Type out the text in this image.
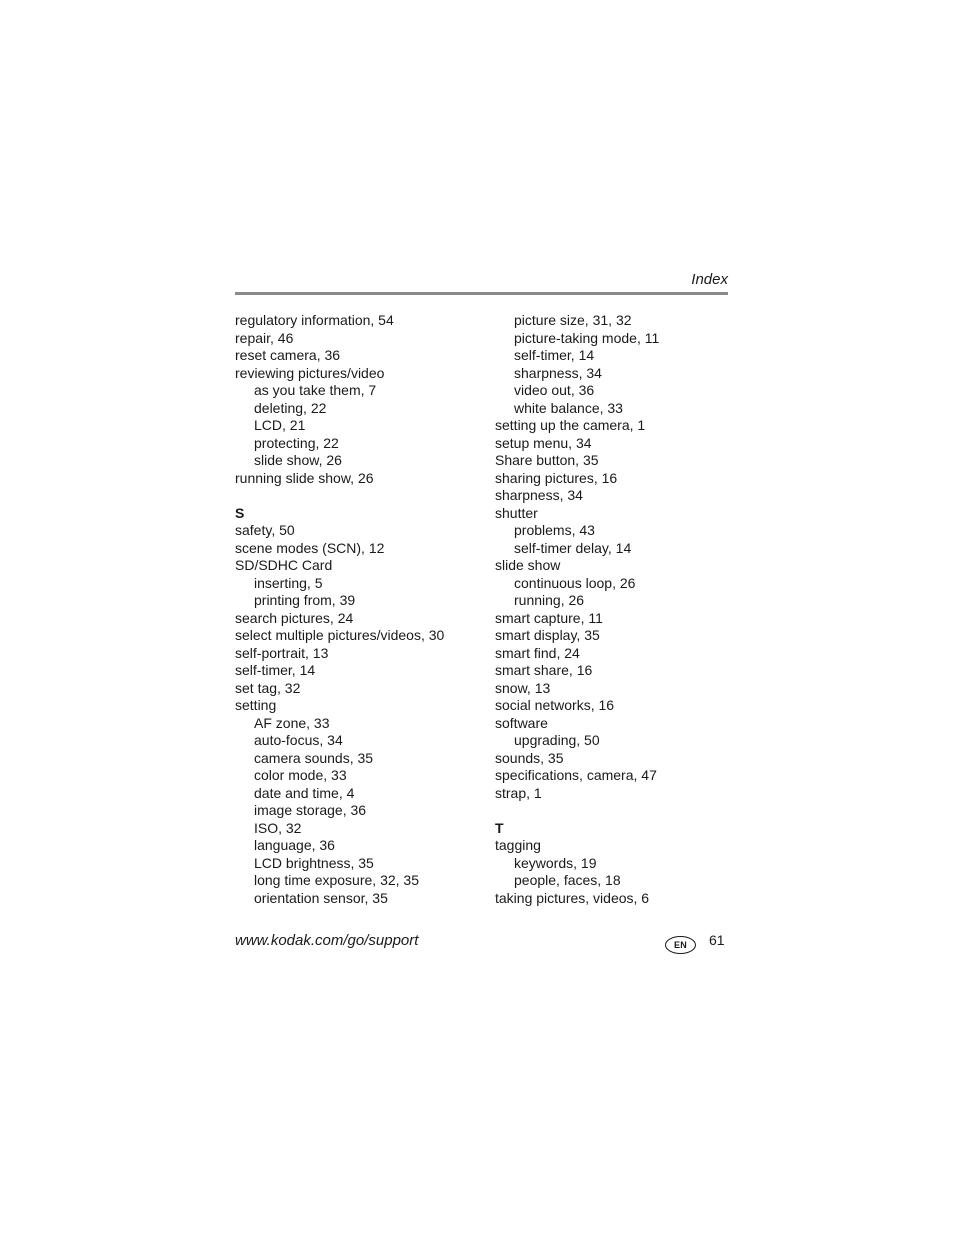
Index
regulatory information, 54
repair, 46
reset camera, 36
reviewing pictures/video
as you take them, 7
deleting, 22
LCD, 21
protecting, 22
slide show, 26
running slide show, 26
S
safety, 50
scene modes (SCN), 12
SD/SDHC Card
inserting, 5
printing from, 39
search pictures, 24
select multiple pictures/videos, 30
self-portrait, 13
self-timer, 14
set tag, 32
setting
AF zone, 33
auto-focus, 34
camera sounds, 35
color mode, 33
date and time, 4
image storage, 36
ISO, 32
language, 36
LCD brightness, 35
long time exposure, 32, 35
orientation sensor, 35
picture size, 31, 32
picture-taking mode, 11
self-timer, 14
sharpness, 34
video out, 36
white balance, 33
setting up the camera, 1
setup menu, 34
Share button, 35
sharing pictures, 16
sharpness, 34
shutter
problems, 43
self-timer delay, 14
slide show
continuous loop, 26
running, 26
smart capture, 11
smart display, 35
smart find, 24
smart share, 16
snow, 13
social networks, 16
software
upgrading, 50
sounds, 35
specifications, camera, 47
strap, 1
T
tagging
keywords, 19
people, faces, 18
taking pictures, videos, 6
www.kodak.com/go/support	EN 61
